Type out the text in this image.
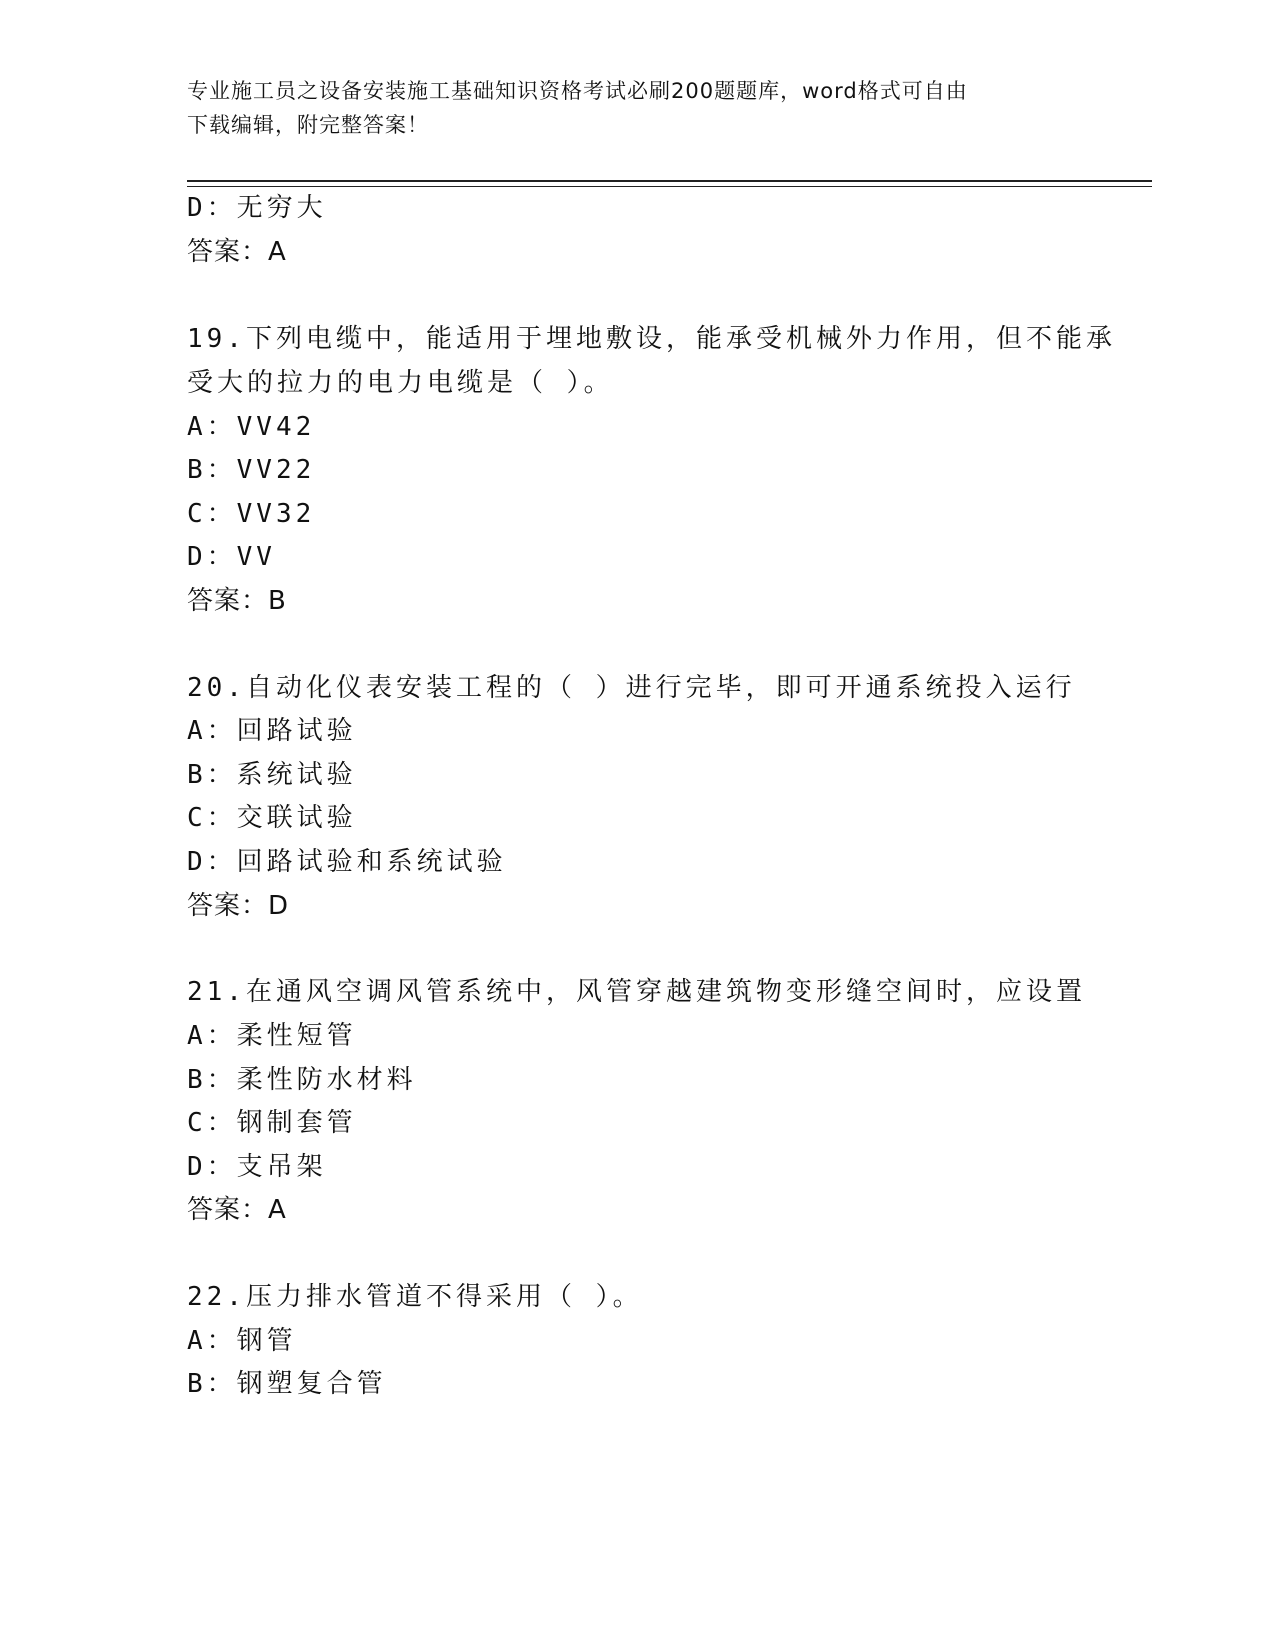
专业施工员之设备安装施工基础知识资格考试必刷200题题库，word格式可自由
下载编辑，附完整答案！
D：无穷大
答案：A
19.下列电缆中，能适用于埋地敷设，能承受机械外力作用，但不能承
受大的拉力的电力电缆是（ ）。
A：VV42
B：VV22
C：VV32
D：VV
答案：B
20.自动化仪表安装工程的（ ）进行完毕，即可开通系统投入运行
A：回路试验
B：系统试验
C：交联试验
D：回路试验和系统试验
答案：D
21.在通风空调风管系统中，风管穿越建筑物变形缝空间时，应设置
A：柔性短管
B：柔性防水材料
C：钢制套管
D：支吊架
答案：A
22.压力排水管道不得采用（ ）。
A：钢管
B：钢塑复合管
